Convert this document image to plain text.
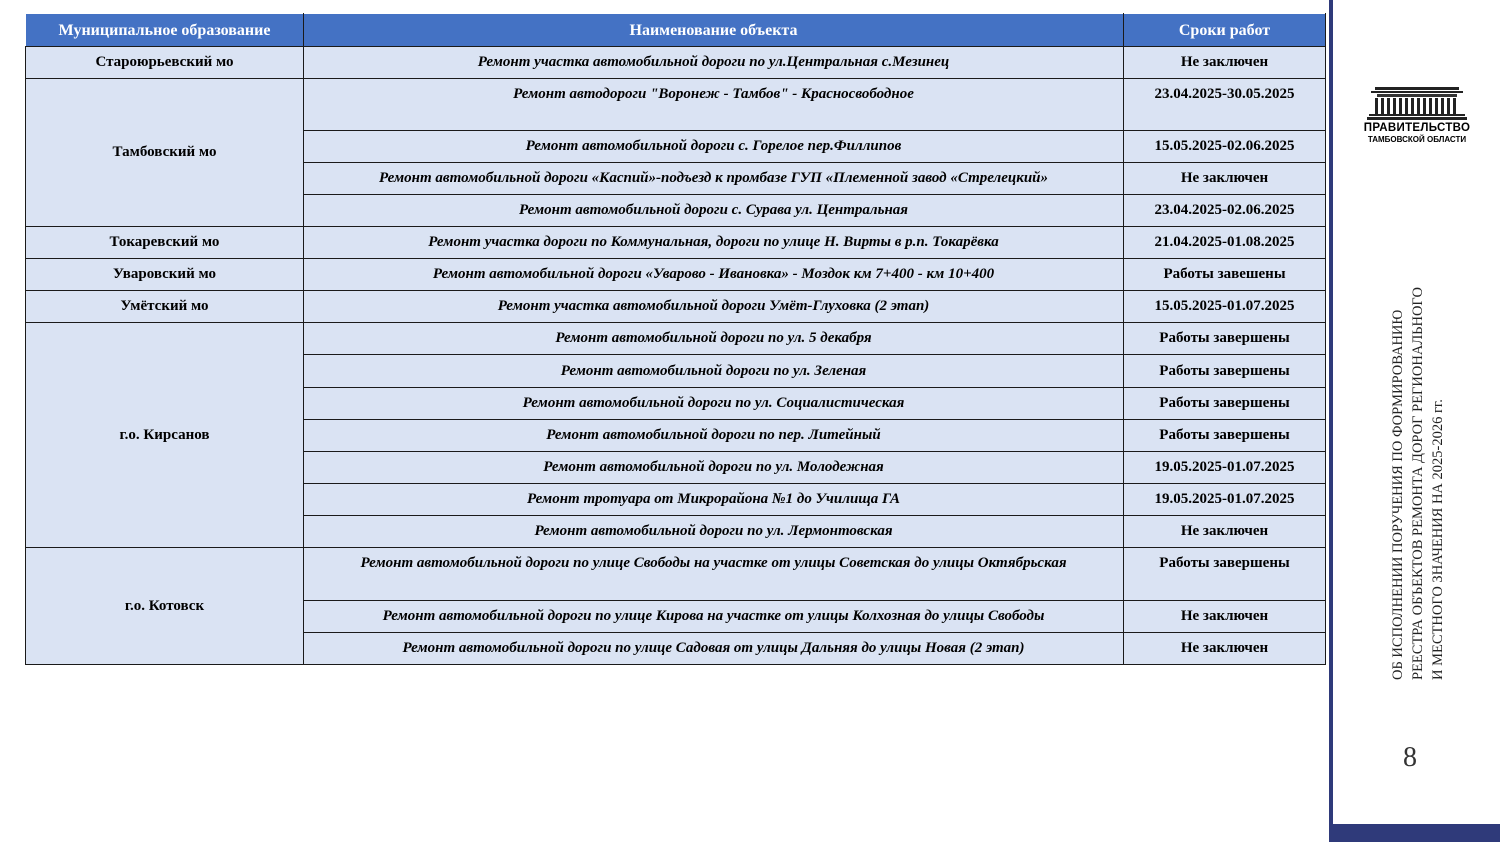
Муниципальное образование	Наименование объекта	Сроки работ
Староюрьевский мо	Ремонт участка автомобильной дороги по ул.Центральная с.Мезинец	Не заключен
Тамбовский мо	Ремонт автодороги "Воронеж - Тамбов" - Красносвободное	23.04.2025-30.05.2025
	Ремонт автомобильной дороги с. Горелое пер.Филлипов	15.05.2025-02.06.2025
	Ремонт автомобильной дороги «Каспий»-подъезд к промбазе ГУП «Племенной завод «Стрелецкий»	Не заключен
	Ремонт автомобильной дороги с. Сурава ул. Центральная	23.04.2025-02.06.2025
Токаревский мо	Ремонт участка дороги по Коммунальная, дороги по улице Н. Вирты в р.п. Токарёвка	21.04.2025-01.08.2025
Уваровский мо	Ремонт автомобильной дороги «Уварово - Ивановка» - Моздок км 7+400 - км 10+400	Работы завешены
Умётский мо	Ремонт участка автомобильной дороги Умёт-Глуховка (2 этап)	15.05.2025-01.07.2025
г.о. Кирсанов	Ремонт автомобильной дороги по ул. 5 декабря	Работы завершены
	Ремонт автомобильной дороги по ул. Зеленая	Работы завершены
	Ремонт автомобильной дороги по ул. Социалистическая	Работы завершены
	Ремонт автомобильной дороги по пер. Литейный	Работы завершены
	Ремонт автомобильной дороги по ул. Молодежная	19.05.2025-01.07.2025
	Ремонт тротуара от Микрорайона №1 до Училища ГА	19.05.2025-01.07.2025
	Ремонт автомобильной дороги по ул. Лермонтовская	Не заключен
г.о. Котовск	Ремонт автомобильной дороги по улице Свободы на участке от улицы Советская до улицы Октябрьская	Работы завершены
	Ремонт автомобильной дороги по улице Кирова на участке от улицы Колхозная до улицы Свободы	Не заключен
	Ремонт автомобильной дороги по улице Садовая от улицы Дальняя до улицы Новая (2 этап)	Не заключен
ПРАВИТЕЛЬСТВО
ТАМБОВСКОЙ ОБЛАСТИ
ОБ ИСПОЛНЕНИИ ПОРУЧЕНИЯ ПО ФОРМИРОВАНИЮ РЕЕСТРА ОБЪЕКТОВ РЕМОНТА ДОРОГ РЕГИОНАЛЬНОГО И МЕСТНОГО ЗНАЧЕНИЯ НА 2025-2026 гг.
8
